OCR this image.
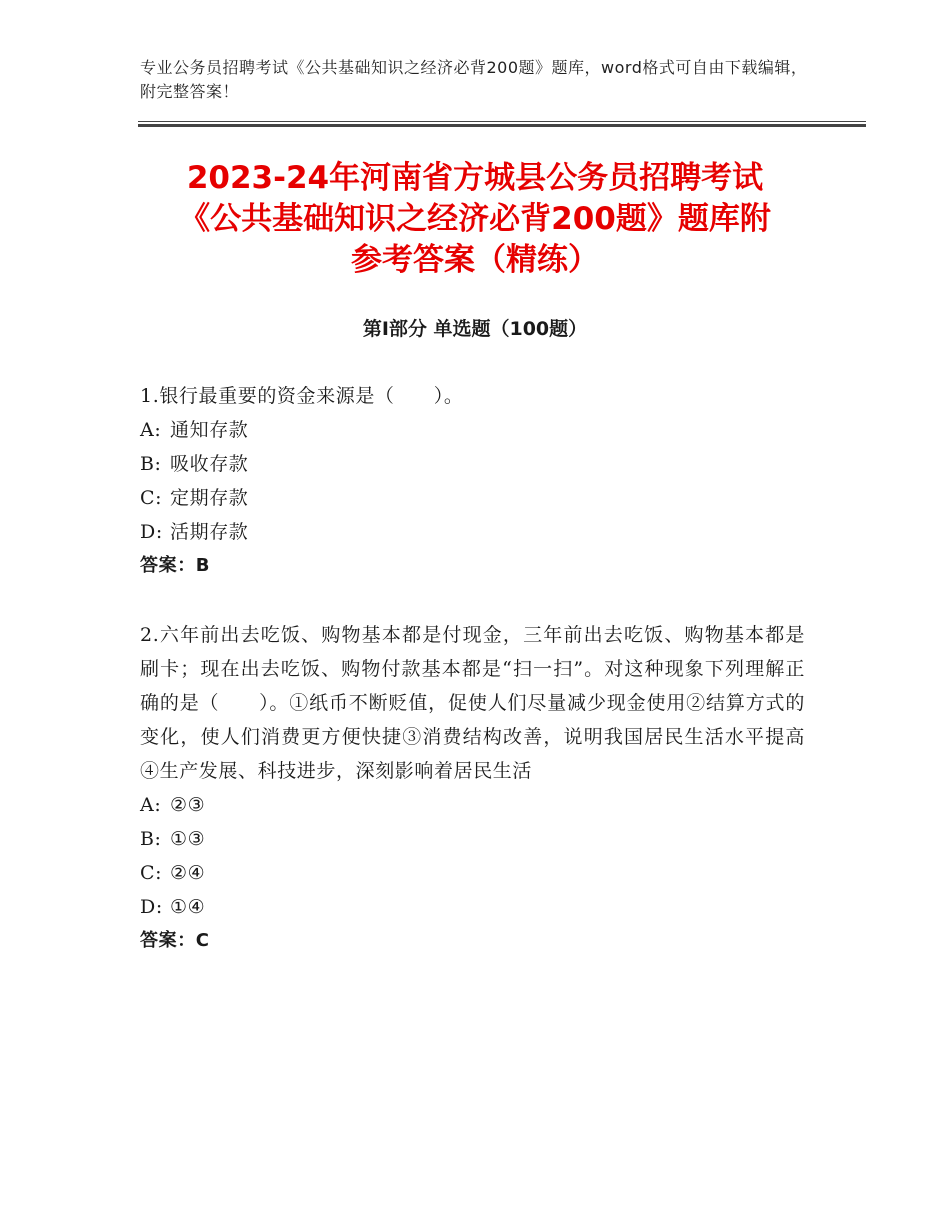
专业公务员招聘考试《公共基础知识之经济必背200题》题库，word格式可自由下载编辑，附完整答案！
2023-24年河南省方城县公务员招聘考试
《公共基础知识之经济必背200题》题库附
参考答案（精练）
第Ⅰ部分 单选题（100题）
1.银行最重要的资金来源是（　　）。
A: 通知存款
B: 吸收存款
C: 定期存款
D: 活期存款
答案：B
2.六年前出去吃饭、购物基本都是付现金，三年前出去吃饭、购物基本都是刷卡；现在出去吃饭、购物付款基本都是“扫一扫”。对这种现象下列理解正确的是（　　）。①纸币不断贬值，促使人们尽量减少现金使用②结算方式的变化，使人们消费更方便快捷③消费结构改善，说明我国居民生活水平提高④生产发展、科技进步，深刻影响着居民生活
A: ②③
B: ①③
C: ②④
D: ①④
答案：C
